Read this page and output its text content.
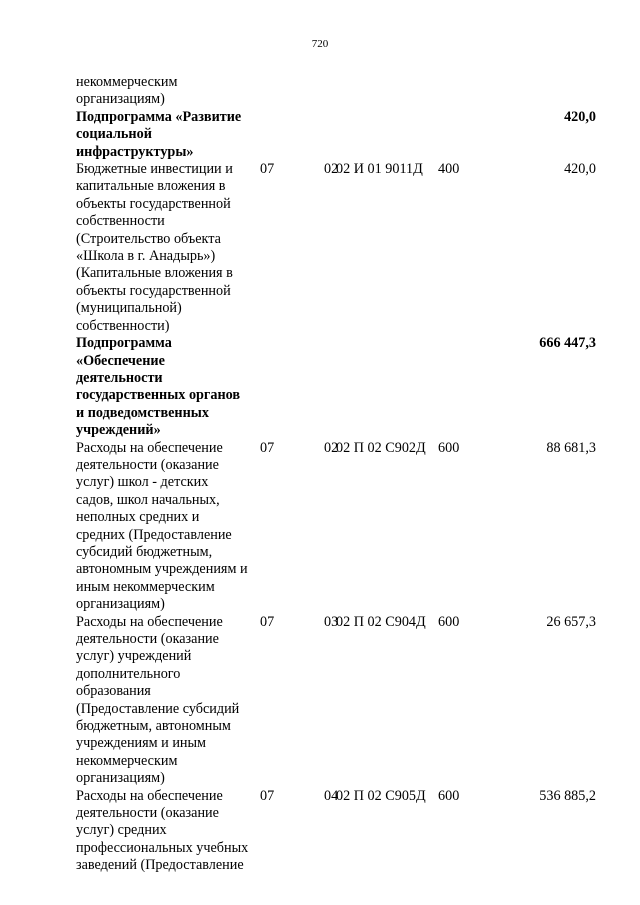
720
некоммерческим
организациям)
Подпрограмма «Развитие
социальной
инфраструктуры»
420,0
Бюджетные инвестиции и
капитальные вложения в
объекты государственной
собственности
(Строительство объекта
«Школа в г. Анадырь»)
(Капитальные вложения в
объекты государственной
(муниципальной)
собственности)
07	02
02 И 01 9011Д	400	420,0
Подпрограмма
«Обеспечение
деятельности
государственных органов
и подведомственных
учреждений»
666 447,3
Расходы на обеспечение
деятельности (оказание
услуг) школ - детских
садов, школ начальных,
неполных средних и
средних (Предоставление
субсидий бюджетным,
автономным учреждениям и
иным некоммерческим
организациям)
07	02
02 П 02 С902Д 600	88 681,3
Расходы на обеспечение
деятельности (оказание
услуг) учреждений
дополнительного
образования
(Предоставление субсидий
бюджетным, автономным
учреждениям и иным
некоммерческим
организациям)
07	03
02 П 02 С904Д 600	26 657,3
Расходы на обеспечение
деятельности (оказание
услуг) средних
профессиональных учебных
заведений (Предоставление
07	04
02 П 02 С905Д 600	536 885,2
